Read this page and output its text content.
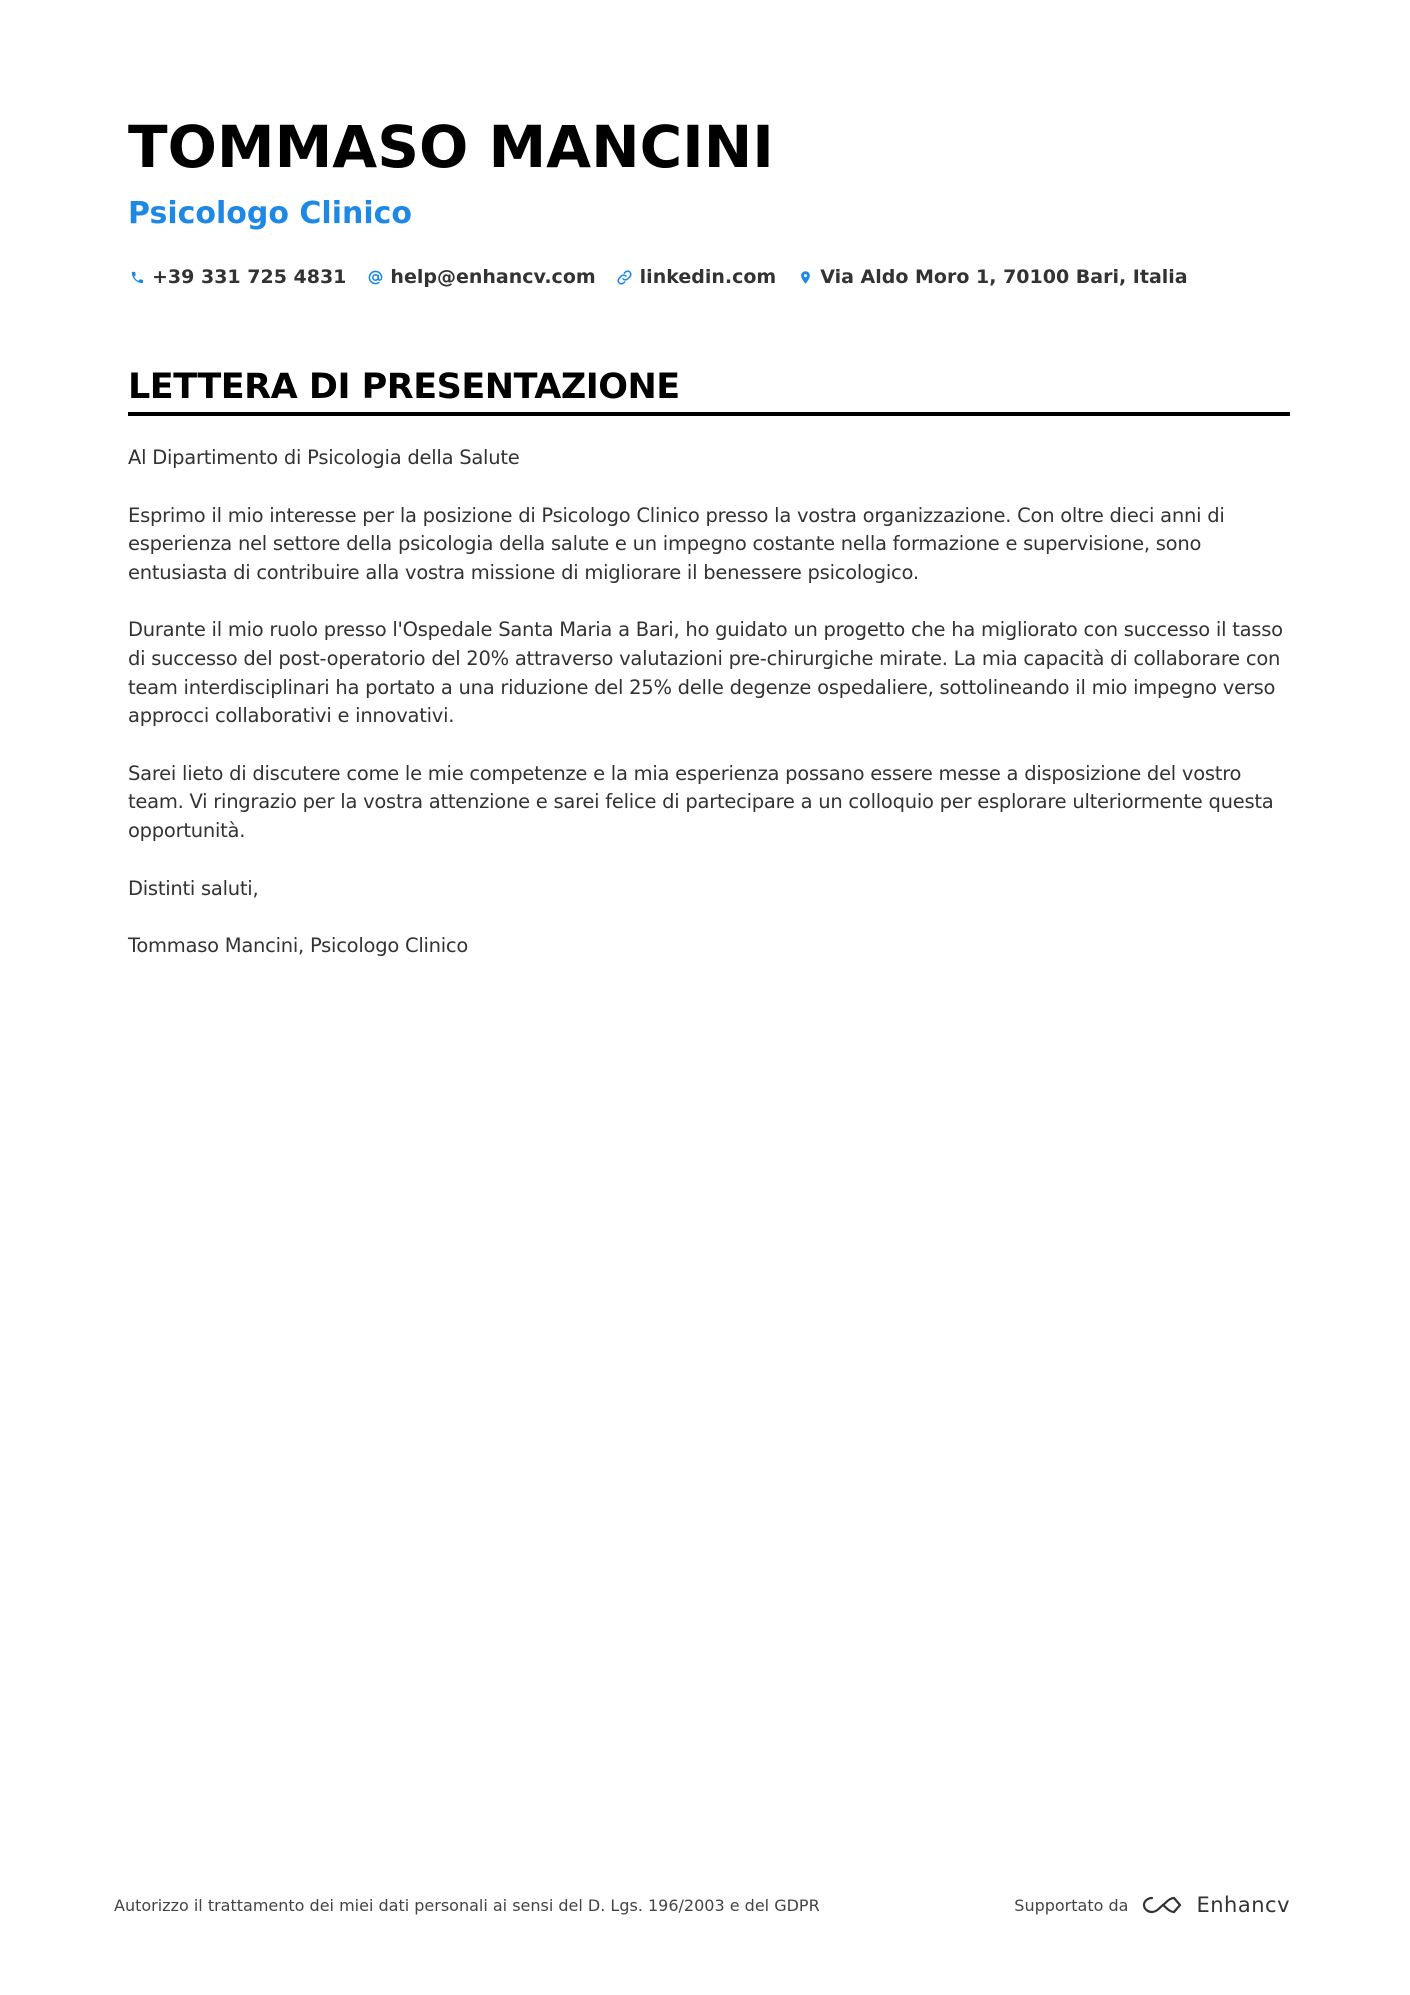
TOMMASO MANCINI
Psicologo Clinico
+39 331 725 4831 help@enhancv.com linkedin.com Via Aldo Moro 1, 70100 Bari, Italia
LETTERA DI PRESENTAZIONE

Al Dipartimento di Psicologia della Salute

Esprimo il mio interesse per la posizione di Psicologo Clinico presso la vostra organizzazione. Con oltre dieci anni di esperienza nel settore della psicologia della salute e un impegno costante nella formazione e supervisione, sono entusiasta di contribuire alla vostra missione di migliorare il benessere psicologico.

Durante il mio ruolo presso l'Ospedale Santa Maria a Bari, ho guidato un progetto che ha migliorato con successo il tasso di successo del post-operatorio del 20% attraverso valutazioni pre-chirurgiche mirate. La mia capacità di collaborare con team interdisciplinari ha portato a una riduzione del 25% delle degenze ospedaliere, sottolineando il mio impegno verso approcci collaborativi e innovativi.

Sarei lieto di discutere come le mie competenze e la mia esperienza possano essere messe a disposizione del vostro team. Vi ringrazio per la vostra attenzione e sarei felice di partecipare a un colloquio per esplorare ulteriormente questa opportunità.

Distinti saluti,

Tommaso Mancini, Psicologo Clinico

Autorizzo il trattamento dei miei dati personali ai sensi del D. Lgs. 196/2003 e del GDPR	Supportato da	Enhancv
